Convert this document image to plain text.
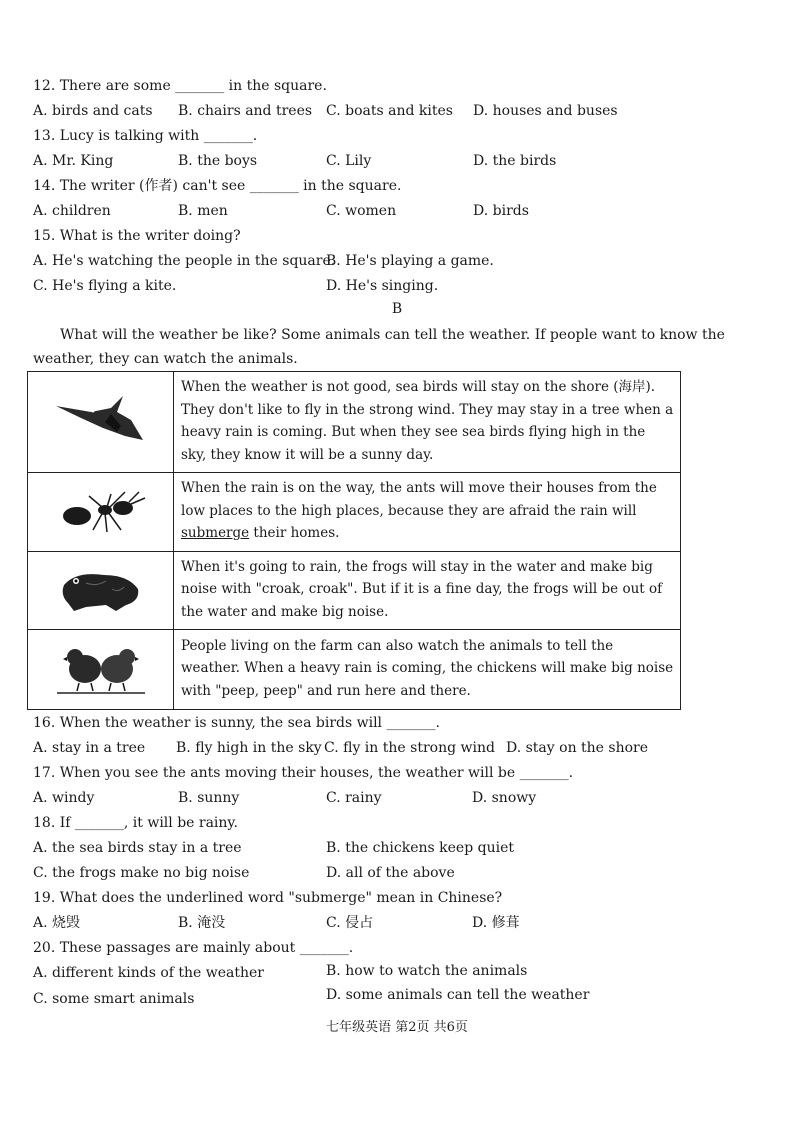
12. There are some _______ in the square.
A. birds and cats B. chairs and trees C. boats and kites D. houses and buses
13. Lucy is talking with _______.
A. Mr. King	B. the boys	C. Lily	D. the birds
14. The writer (作者) can't see _______ in the square.
A. children	B. men	C. women	D. birds
15. What is the writer doing?
A. He's watching the people in the square.
B. He's playing a game.
C. He's flying a kite.	D. He's singing.
B
What will the weather be like? Some animals can tell the weather. If people want to know the weather, they can watch the animals.
	When the weather is not good, sea birds will stay on the shore (海岸). They don't like to fly in the strong wind. They may stay in a tree when a heavy rain is coming. But when they see sea birds flying high in the sky, they know it will be a sunny day.

	When the rain is on the way, the ants will move their houses from the low places to the high places, because they are afraid the rain will submerge their homes.

	When it's going to rain, the frogs will stay in the water and make big noise with "croak, croak". But if it is a fine day, the frogs will be out of the water and make big noise.

	People living on the farm can also watch the animals to tell the weather. When a heavy rain is coming, the chickens will make big noise with "peep, peep" and run here and there.
16. When the weather is sunny, the sea birds will _______.
A. stay in a tree B. fly high in the sky C. fly in the strong wind D. stay on the shore
17. When you see the ants moving their houses, the weather will be _______.
A. windy	B. sunny	C. rainy	D. snowy
18. If _______, it will be rainy.
A. the sea birds stay in a tree	B. the chickens keep quiet
C. the frogs make no big noise	D. all of the above
19. What does the underlined word "submerge" mean in Chinese?
A. 烧毁	B. 淹没	C. 侵占	D. 修葺
20. These passages are mainly about _______.
A. different kinds of the weather	B. how to watch the animals
C. some smart animals	D. some animals can tell the weather
七年级英语 第2页 共6页
